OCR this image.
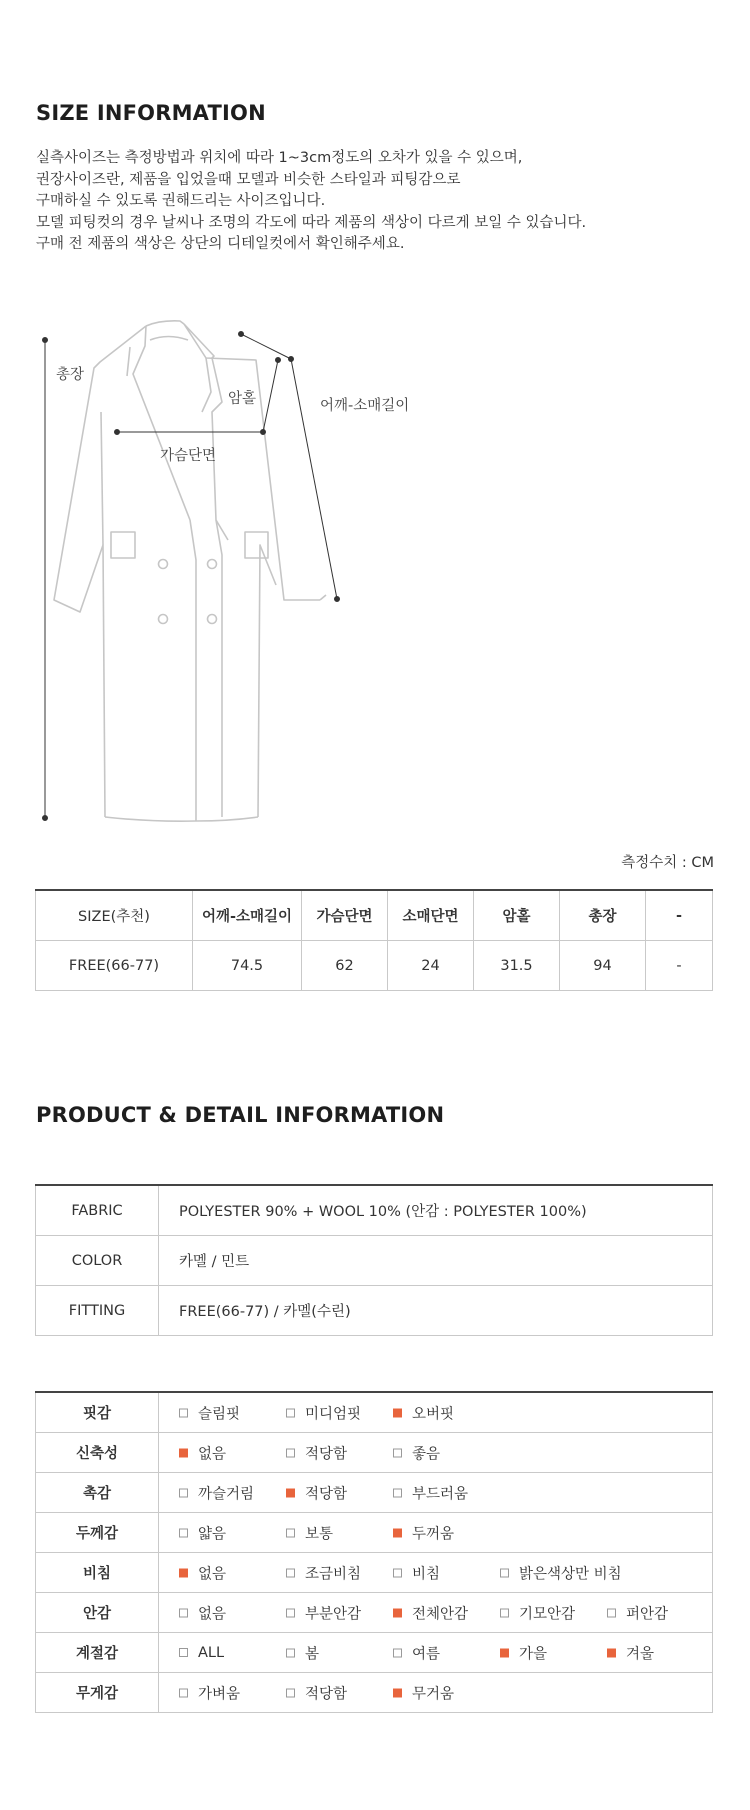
SIZE INFORMATION
실측사이즈는 측정방법과 위치에 따라 1~3cm정도의 오차가 있을 수 있으며,
권장사이즈란, 제품을 입었을때 모델과 비슷한 스타일과 피팅감으로
구매하실 수 있도록 권해드리는 사이즈입니다.
모델 피팅컷의 경우 날씨나 조명의 각도에 따라 제품의 색상이 다르게 보일 수 있습니다.
구매 전 제품의 색상은 상단의 디테일컷에서 확인해주세요.
총장
암홀	어깨-소매길이
가슴단면
측정수치 : CM
SIZE(추천)	어깨-소매길이	가슴단면	소매단면	암홀	총장	-
FREE(66-77)	74.5	62	24	31.5	94	-
PRODUCT & DETAIL INFORMATION
FABRIC	POLYESTER 90% + WOOL 10% (안감 : POLYESTER 100%)
COLOR	카멜 / 민트
FITTING	FREE(66-77) / 카멜(수린)
핏감	슬림핏 미디엄핏 오버핏

신축성	없음 적당함 좋음

촉감	까슬거림 적당함 부드러움

두께감	얇음 보통 두꺼움

비침	없음 조금비침 비침 밝은색상만 비침

안감	없음 부분안감 전체안감 기모안감 퍼안감

계절감	ALL 봄 여름 가을 겨울

무게감	가벼움 적당함 무거움
